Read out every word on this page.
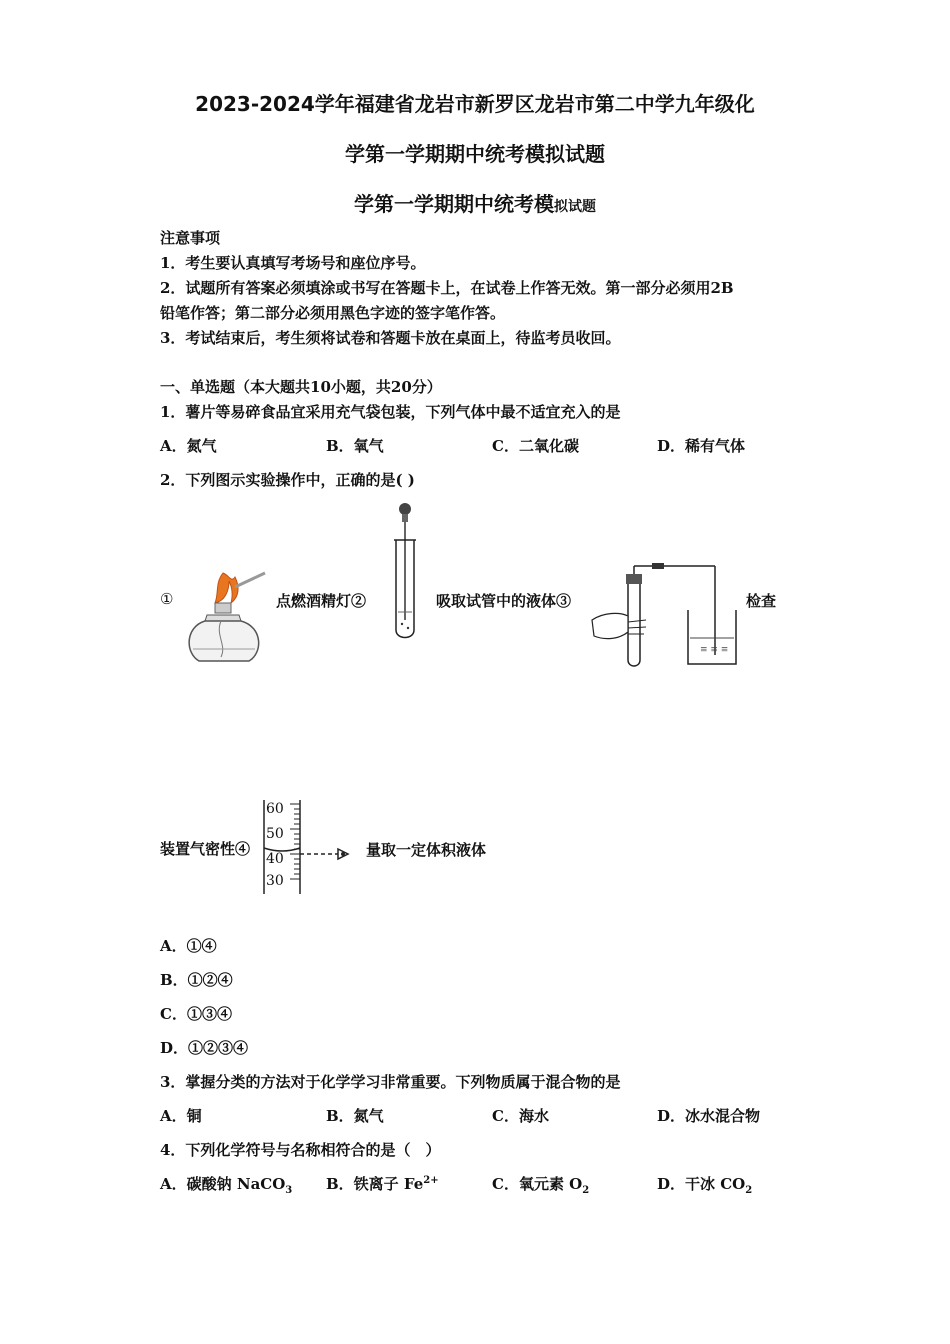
2023-2024学年福建省龙岩市新罗区龙岩市第二中学九年级化
学第一学期期中统考模拟试题
学第一学期期中统考模拟试题
注意事项
1．考生要认真填写考场号和座位序号。
2．试题所有答案必须填涂或书写在答题卡上，在试卷上作答无效。第一部分必须用2B
铅笔作答；第二部分必须用黑色字迹的签字笔作答。
3．考试结束后，考生须将试卷和答题卡放在桌面上，待监考员收回。
一、单选题（本大题共10小题，共20分）
1．薯片等易碎食品宜采用充气袋包装，下列气体中最不适宜充入的是
A．氮气	B．氧气	C．二氧化碳	D．稀有气体
2．下列图示实验操作中，正确的是( )
①	点燃酒精灯②	吸取试管中的液体③
≡ ≡ ≡
检查
装置气密性④
60
50
40
30
量取一定体积液体
A．①④
B．①②④
C．①③④
D．①②③④
3．掌握分类的方法对于化学学习非常重要。下列物质属于混合物的是
A．铜	B．氮气	C．海水	D．冰水混合物
4．下列化学符号与名称相符合的是（　）
A．碳酸钠 NaCO$_3$ B．铁离子 $Fe^{2+}$	C．氧元素 $O_2$	D．干冰 $CO_2$
